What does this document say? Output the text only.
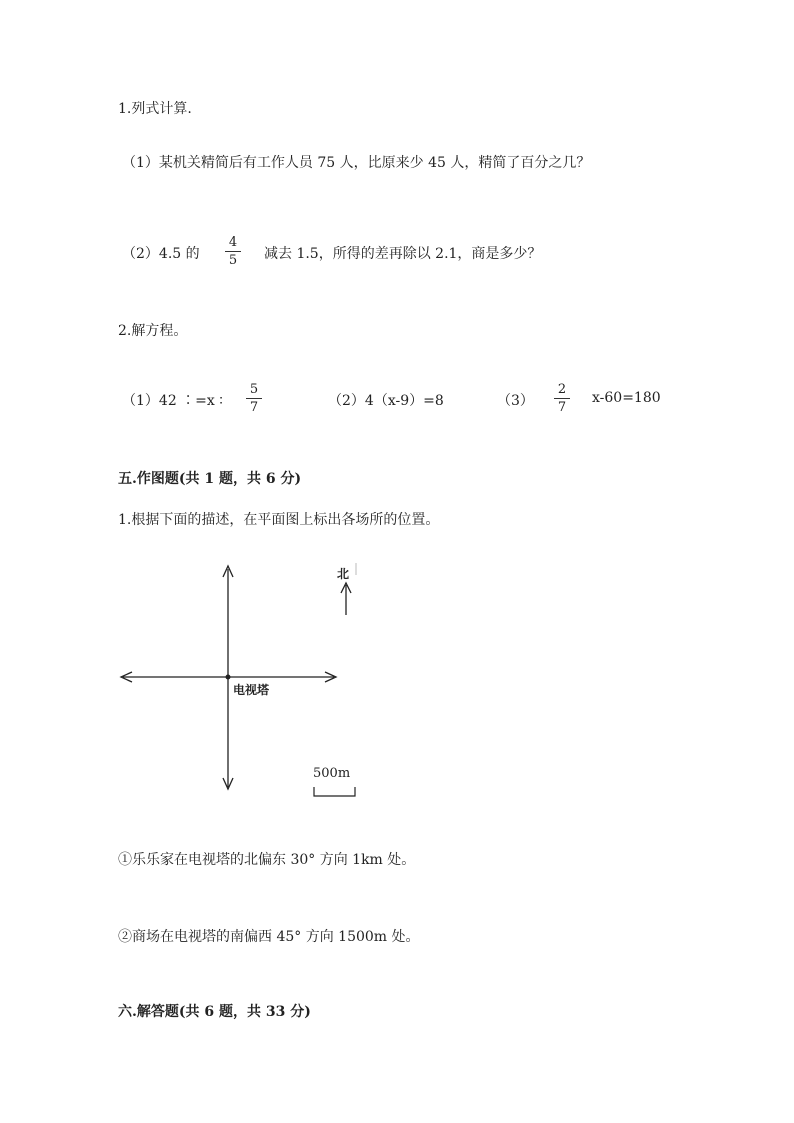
1.列式计算.
（1）某机关精简后有工作人员 75 人，比原来少 45 人，精简了百分之几？
（2）4.5 的
4
5 减去 1.5，所得的差再除以 2.1，商是多少？
2.解方程。
（1）42 ∶=x ∶
5
7	（2）4（x-9）=8	（3）
2
7
x-60=180
五.作图题(共 1 题，共 6 分)
1.根据下面的描述，在平面图上标出各场所的位置。
北
电视塔
500m
①乐乐家在电视塔的北偏东 30° 方向 1km 处。
②商场在电视塔的南偏西 45° 方向 1500m 处。
六.解答题(共 6 题，共 33 分)
